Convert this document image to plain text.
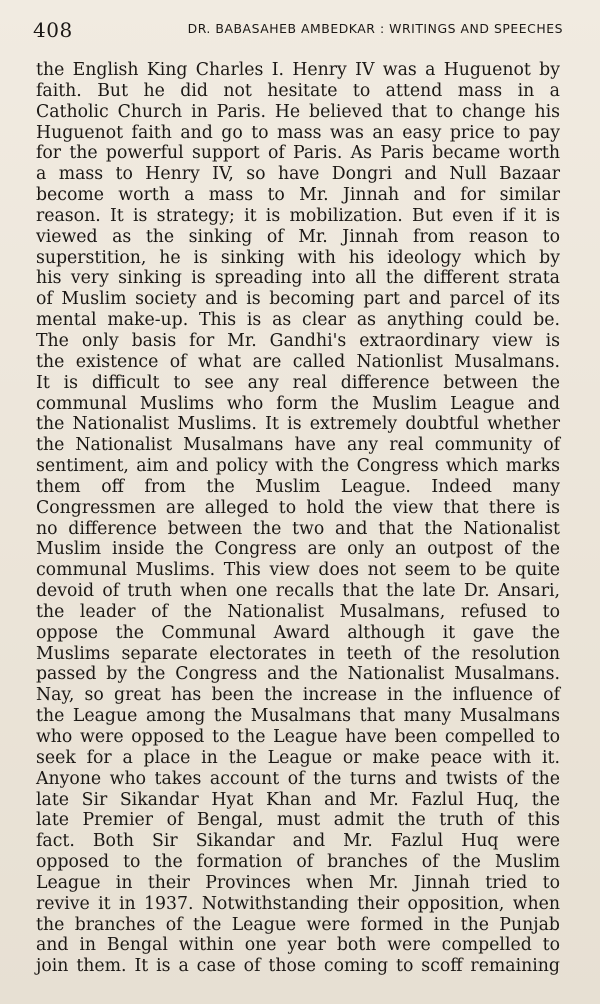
408	DR. BABASAHEB AMBEDKAR : WRITINGS AND SPEECHES
the English King Charles I. Henry IV was a Huguenot by
faith. But he did not hesitate to attend mass in a
Catholic Church in Paris. He believed that to change his
Huguenot faith and go to mass was an easy price to pay
for the powerful support of Paris. As Paris became worth
a mass to Henry IV, so have Dongri and Null Bazaar
become worth a mass to Mr. Jinnah and for similar
reason. It is strategy; it is mobilization. But even if it is
viewed as the sinking of Mr. Jinnah from reason to
superstition, he is sinking with his ideology which by
his very sinking is spreading into all the different strata
of Muslim society and is becoming part and parcel of its
mental make-up. This is as clear as anything could be.
The only basis for Mr. Gandhi's extraordinary view is
the existence of what are called Nationlist Musalmans.
It is difficult to see any real difference between the
communal Muslims who form the Muslim League and
the Nationalist Muslims. It is extremely doubtful whether
the Nationalist Musalmans have any real community of
sentiment, aim and policy with the Congress which marks
them off from the Muslim League. Indeed many
Congressmen are alleged to hold the view that there is
no difference between the two and that the Nationalist
Muslim inside the Congress are only an outpost of the
communal Muslims. This view does not seem to be quite
devoid of truth when one recalls that the late Dr. Ansari,
the leader of the Nationalist Musalmans, refused to
oppose the Communal Award although it gave the
Muslims separate electorates in teeth of the resolution
passed by the Congress and the Nationalist Musalmans.
Nay, so great has been the increase in the influence of
the League among the Musalmans that many Musalmans
who were opposed to the League have been compelled to
seek for a place in the League or make peace with it.
Anyone who takes account of the turns and twists of the
late Sir Sikandar Hyat Khan and Mr. Fazlul Huq, the
late Premier of Bengal, must admit the truth of this
fact. Both Sir Sikandar and Mr. Fazlul Huq were
opposed to the formation of branches of the Muslim
League in their Provinces when Mr. Jinnah tried to
revive it in 1937. Notwithstanding their opposition, when
the branches of the League were formed in the Punjab
and in Bengal within one year both were compelled to
join them. It is a case of those coming to scoff remaining
